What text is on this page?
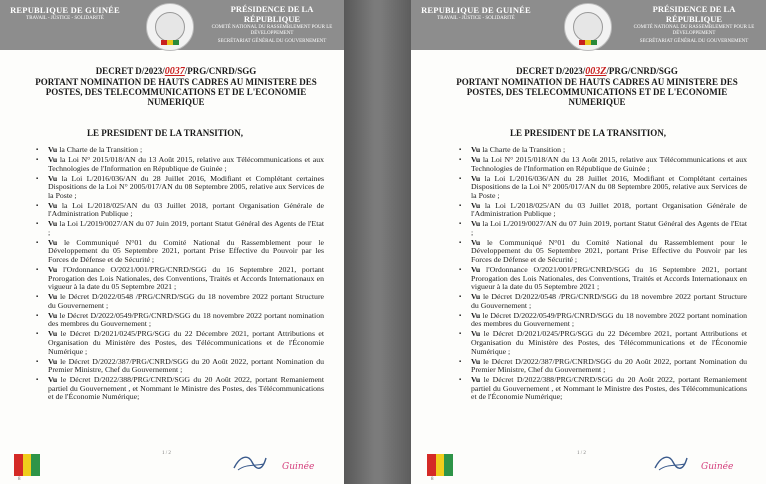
REPUBLIQUE DE GUINÉE
TRAVAIL - JUSTICE - SOLIDARITÉ
PRÉSIDENCE DE LA RÉPUBLIQUE
COMITÉ NATIONAL DU RASSEMBLEMENT POUR LE DÉVELOPPEMENT
SECRÉTARIAT GÉNÉRAL DU GOUVERNEMENT
DECRET D/2023/0037/PRG/CNRD/SGG
PORTANT NOMINATION DE HAUTS CADRES AU MINISTERE DES POSTES, DES TELECOMMUNICATIONS ET DE L'ECONOMIE NUMERIQUE
LE PRESIDENT DE LA TRANSITION,
▪ Vu la Charte de la Transition ;
▪ Vu la Loi N° 2015/018/AN du 13 Août 2015, relative aux Télécommunications et aux Technologies de l'Information en République de Guinée ;
▪ Vu la Loi L/2016/036/AN du 28 Juillet 2016, Modifiant et Complétant certaines Dispositions de la Loi N° 2005/017/AN du 08 Septembre 2005, relative aux Services de la Poste ;
▪ Vu la Loi L/2018/025/AN du 03 Juillet 2018, portant Organisation Générale de l'Administration Publique ;
▪ Vu la Loi L/2019/0027/AN du 07 Juin 2019, portant Statut Général des Agents de l'Etat ;
▪ Vu le Communiqué N°01 du Comité National du Rassemblement pour le Développement du 05 Septembre 2021, portant Prise Effective du Pouvoir par les Forces de Défense et de Sécurité ;
▪ Vu l'Ordonnance O/2021/001/PRG/CNRD/SGG du 16 Septembre 2021, portant Prorogation des Lois Nationales, des Conventions, Traités et Accords Internationaux en vigueur à la date du 05 Septembre 2021 ;
▪ Vu le Décret D/2022/0548 /PRG/CNRD/SGG du 18 novembre 2022 portant Structure du Gouvernement ;
▪ Vu le Décret D/2022/0549/PRG/CNRD/SGG du 18 novembre 2022 portant nomination des membres du Gouvernement ;
▪ Vu le Décret D/2021/0245/PRG/SGG du 22 Décembre 2021, portant Attributions et Organisation du Ministère des Postes, des Télécommunications et de l'Économie Numérique ;
▪ Vu le Décret D/2022/387/PRG/CNRD/SGG du 20 Août 2022, portant Nomination du Premier Ministre, Chef du Gouvernement ;
▪ Vu le Décret D/2022/388/PRG/CNRD/SGG du 20 Août 2022, portant Remaniement partiel du Gouvernement , et Nommant le Ministre des Postes, des Télécommunications et de l'Économie Numérique;
1 / 2
8
Guinée
REPUBLIQUE DE GUINÉE
TRAVAIL - JUSTICE - SOLIDARITÉ
PRÉSIDENCE DE LA RÉPUBLIQUE
COMITÉ NATIONAL DU RASSEMBLEMENT POUR LE DÉVELOPPEMENT
SECRÉTARIAT GÉNÉRAL DU GOUVERNEMENT
DECRET D/2023/003Z/PRG/CNRD/SGG
PORTANT NOMINATION DE HAUTS CADRES AU MINISTERE DES POSTES, DES TELECOMMUNICATIONS ET DE L'ECONOMIE NUMERIQUE
LE PRESIDENT DE LA TRANSITION,
▪ Vu la Charte de la Transition ;
▪ Vu la Loi N° 2015/018/AN du 13 Août 2015, relative aux Télécommunications et aux Technologies de l'Information en République de Guinée ;
▪ Vu la Loi L/2016/036/AN du 28 Juillet 2016, Modifiant et Complétant certaines Dispositions de la Loi N° 2005/017/AN du 08 Septembre 2005, relative aux Services de la Poste ;
▪ Vu la Loi L/2018/025/AN du 03 Juillet 2018, portant Organisation Générale de l'Administration Publique ;
▪ Vu la Loi L/2019/0027/AN du 07 Juin 2019, portant Statut Général des Agents de l'Etat ;
▪ Vu le Communiqué N°01 du Comité National du Rassemblement pour le Développement du 05 Septembre 2021, portant Prise Effective du Pouvoir par les Forces de Défense et de Sécurité ;
▪ Vu l'Ordonnance O/2021/001/PRG/CNRD/SGG du 16 Septembre 2021, portant Prorogation des Lois Nationales, des Conventions, Traités et Accords Internationaux en vigueur à la date du 05 Septembre 2021 ;
▪ Vu le Décret D/2022/0548 /PRG/CNRD/SGG du 18 novembre 2022 portant Structure du Gouvernement ;
▪ Vu le Décret D/2022/0549/PRG/CNRD/SGG du 18 novembre 2022 portant nomination des membres du Gouvernement ;
▪ Vu le Décret D/2021/0245/PRG/SGG du 22 Décembre 2021, portant Attributions et Organisation du Ministère des Postes, des Télécommunications et de l'Économie Numérique ;
▪ Vu le Décret D/2022/387/PRG/CNRD/SGG du 20 Août 2022, portant Nomination du Premier Ministre, Chef du Gouvernement ;
▪ Vu le Décret D/2022/388/PRG/CNRD/SGG du 20 Août 2022, portant Remaniement partiel du Gouvernement , et Nommant le Ministre des Postes, des Télécommunications et de l'Économie Numérique;
1 / 2
8
Guinée
